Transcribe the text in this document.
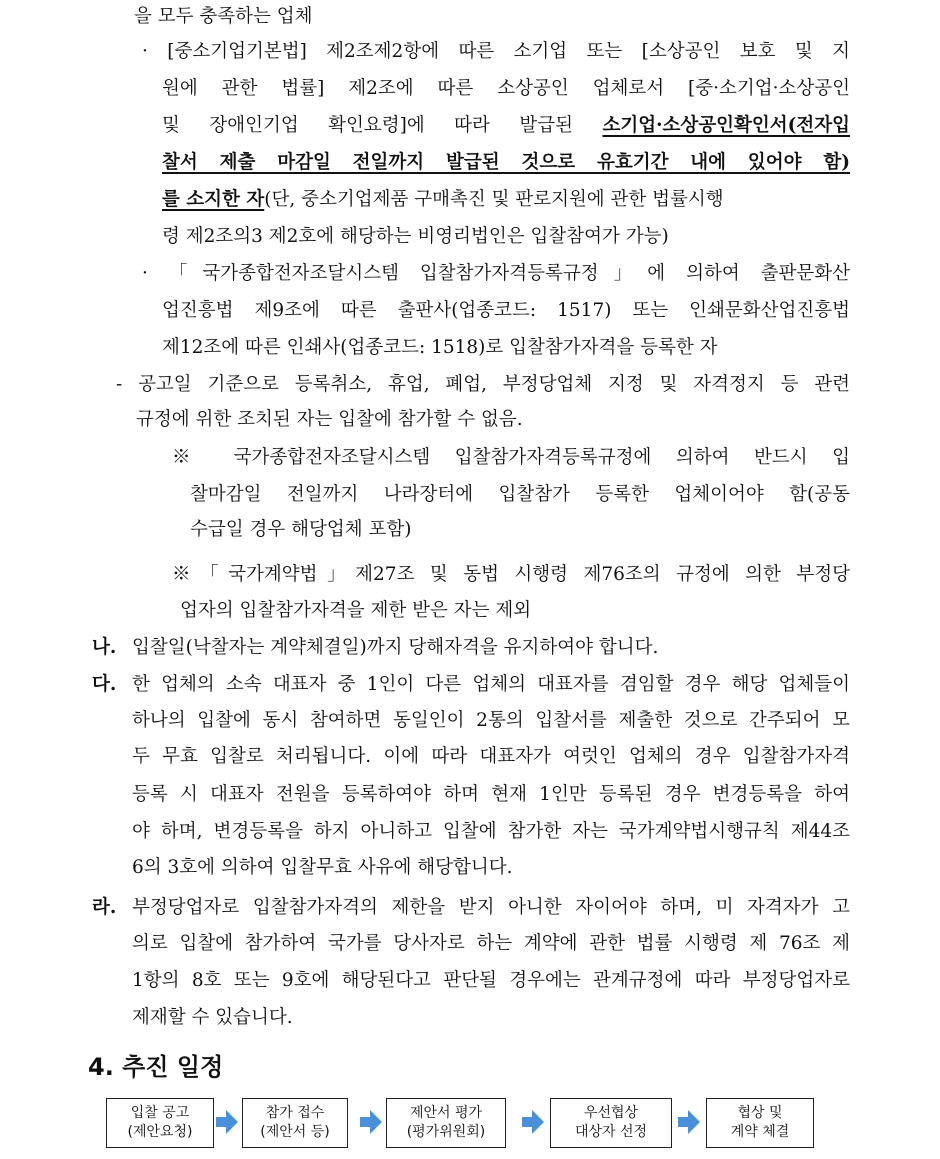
을 모두 충족하는 업체
· [중소기업기본법] 제2조제2항에 따른 소기업 또는 [소상공인 보호 및 지
원에 관한 법률] 제2조에 따른 소상공인 업체로서 [중·소기업·소상공인
및 장애인기업 확인요령]에 따라 발급된 소기업·소상공인확인서(전자입
찰서 제출 마감일 전일까지 발급된 것으로 유효기간 내에 있어야 함)
를 소지한 자(단, 중소기업제품 구매촉진 및 판로지원에 관한 법률시행
령 제2조의3 제2호에 해당하는 비영리법인은 입찰참여가 가능)
· 「국가종합전자조달시스템 입찰참가자격등록규정」에 의하여 출판문화산
업진흥법 제9조에 따른 출판사(업종코드: 1517) 또는 인쇄문화산업진흥법
제12조에 따른 인쇄사(업종코드: 1518)로 입찰참가자격을 등록한 자
- 공고일 기준으로 등록취소, 휴업, 폐업, 부정당업체 지정 및 자격정지 등 관련
규정에 위한 조치된 자는 입찰에 참가할 수 없음.
※ 국가종합전자조달시스템 입찰참가자격등록규정에 의하여 반드시 입
찰마감일 전일까지 나라장터에 입찰참가 등록한 업체이어야 함(공동
수급일 경우 해당업체 포함)
※「국가계약법」제27조 및 동법 시행령 제76조의 규정에 의한 부정당
업자의 입찰참가자격을 제한 받은 자는 제외
나. 입찰일(낙찰자는 계약체결일)까지 당해자격을 유지하여야 합니다.
다. 한 업체의 소속 대표자 중 1인이 다른 업체의 대표자를 겸임할 경우 해당 업체들이
하나의 입찰에 동시 참여하면 동일인이 2통의 입찰서를 제출한 것으로 간주되어 모
두 무효 입찰로 처리됩니다. 이에 따라 대표자가 여럿인 업체의 경우 입찰참가자격
등록 시 대표자 전원을 등록하여야 하며 현재 1인만 등록된 경우 변경등록을 하여
야 하며, 변경등록을 하지 아니하고 입찰에 참가한 자는 국가계약법시행규칙 제44조
6의 3호에 의하여 입찰무효 사유에 해당합니다.
라. 부정당업자로 입찰참가자격의 제한을 받지 아니한 자이어야 하며, 미 자격자가 고
의로 입찰에 참가하여 국가를 당사자로 하는 계약에 관한 법률 시행령 제 76조 제
1항의 8호 또는 9호에 해당된다고 판단될 경우에는 관계규정에 따라 부정당업자로
제재할 수 있습니다.
4. 추진 일정
입찰 공고
(제안요청)
참가 접수
(제안서 등)
제안서 평가
(평가위원회)
우선협상
대상자 선정
협상 및
계약 체결
